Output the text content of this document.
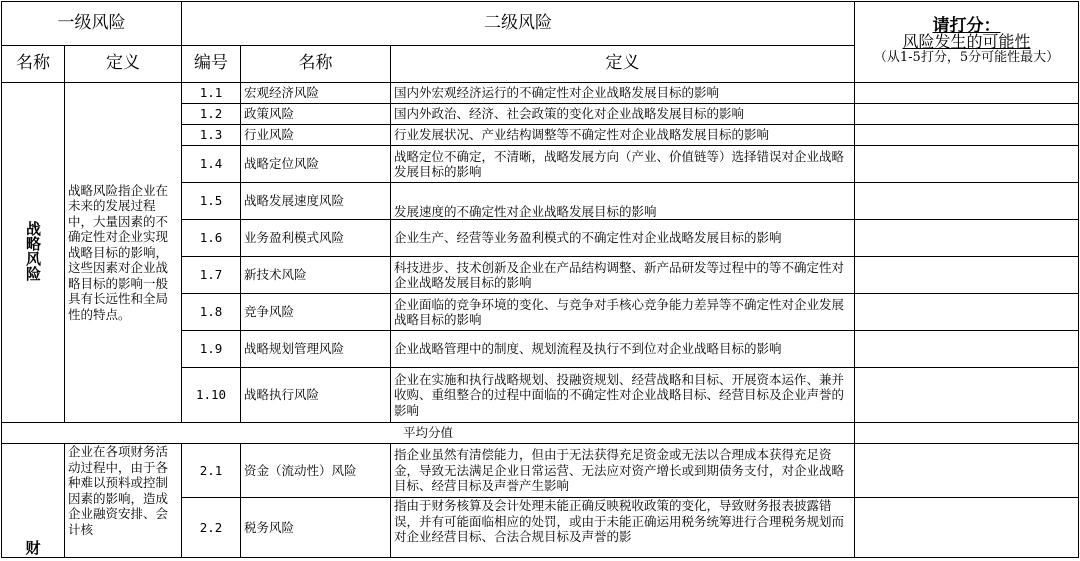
一级风险		二级风险			请打分：
风险发生的可能性
（从1-5打分，5分可能性最大）

名称	定义	编号	名称	定义	
战略风险	战略风险指企业在未来的发展过程中，大量因素的不确定性对企业实现战略目标的影响，这些因素对企业战略目标的影响一般具有长远性和全局性的特点。	1.1	宏观经济风险	国内外宏观经济运行的不确定性对企业战略发展目标的影响	
		1.2	政策风险	国内外政治、经济、社会政策的变化对企业战略发展目标的影响	
		1.3	行业风险	行业发展状况、产业结构调整等不确定性对企业战略发展目标的影响	
		1.4	战略定位风险	战略定位不确定，不清晰，战略发展方向（产业、价值链等）选择错误对企业战略发展目标的影响	
		1.5	战略发展速度风险	发展速度的不确定性对企业战略发展目标的影响	
		1.6	业务盈利模式风险	企业生产、经营等业务盈利模式的不确定性对企业战略发展目标的影响	
		1.7	新技术风险	科技进步、技术创新及企业在产品结构调整、新产品研发等过程中的等不确定性对企业战略发展目标的影响	
		1.8	竞争风险	企业面临的竞争环境的变化、与竞争对手核心竞争能力差异等不确定性对企业发展战略目标的影响	
		1.9	战略规划管理风险	企业战略管理中的制度、规划流程及执行不到位对企业战略目标的影响	
		1.10	战略执行风险	企业在实施和执行战略规划、投融资规划、经营战略和目标、开展资本运作、兼并收购、重组整合的过程中面临的不确定性对企业战略目标、经营目标及企业声誉的影响	
平均分值					
财	企业在各项财务活动过程中，由于各种难以预料或控制因素的影响，造成企业融资安排、会计核	2.1	资金（流动性）风险	指企业虽然有清偿能力，但由于无法获得充足资金或无法以合理成本获得充足资金，导致无法满足企业日常运营、无法应对资产增长或到期债务支付，对企业战略目标、经营目标及声誉产生影响	
		2.2	税务风险	指由于财务核算及会计处理未能正确反映税收政策的变化，导致财务报表披露错误，并有可能面临相应的处罚，或由于未能正确运用税务统筹进行合理税务规划而对企业经营目标、合法合规目标及声誉的影	
